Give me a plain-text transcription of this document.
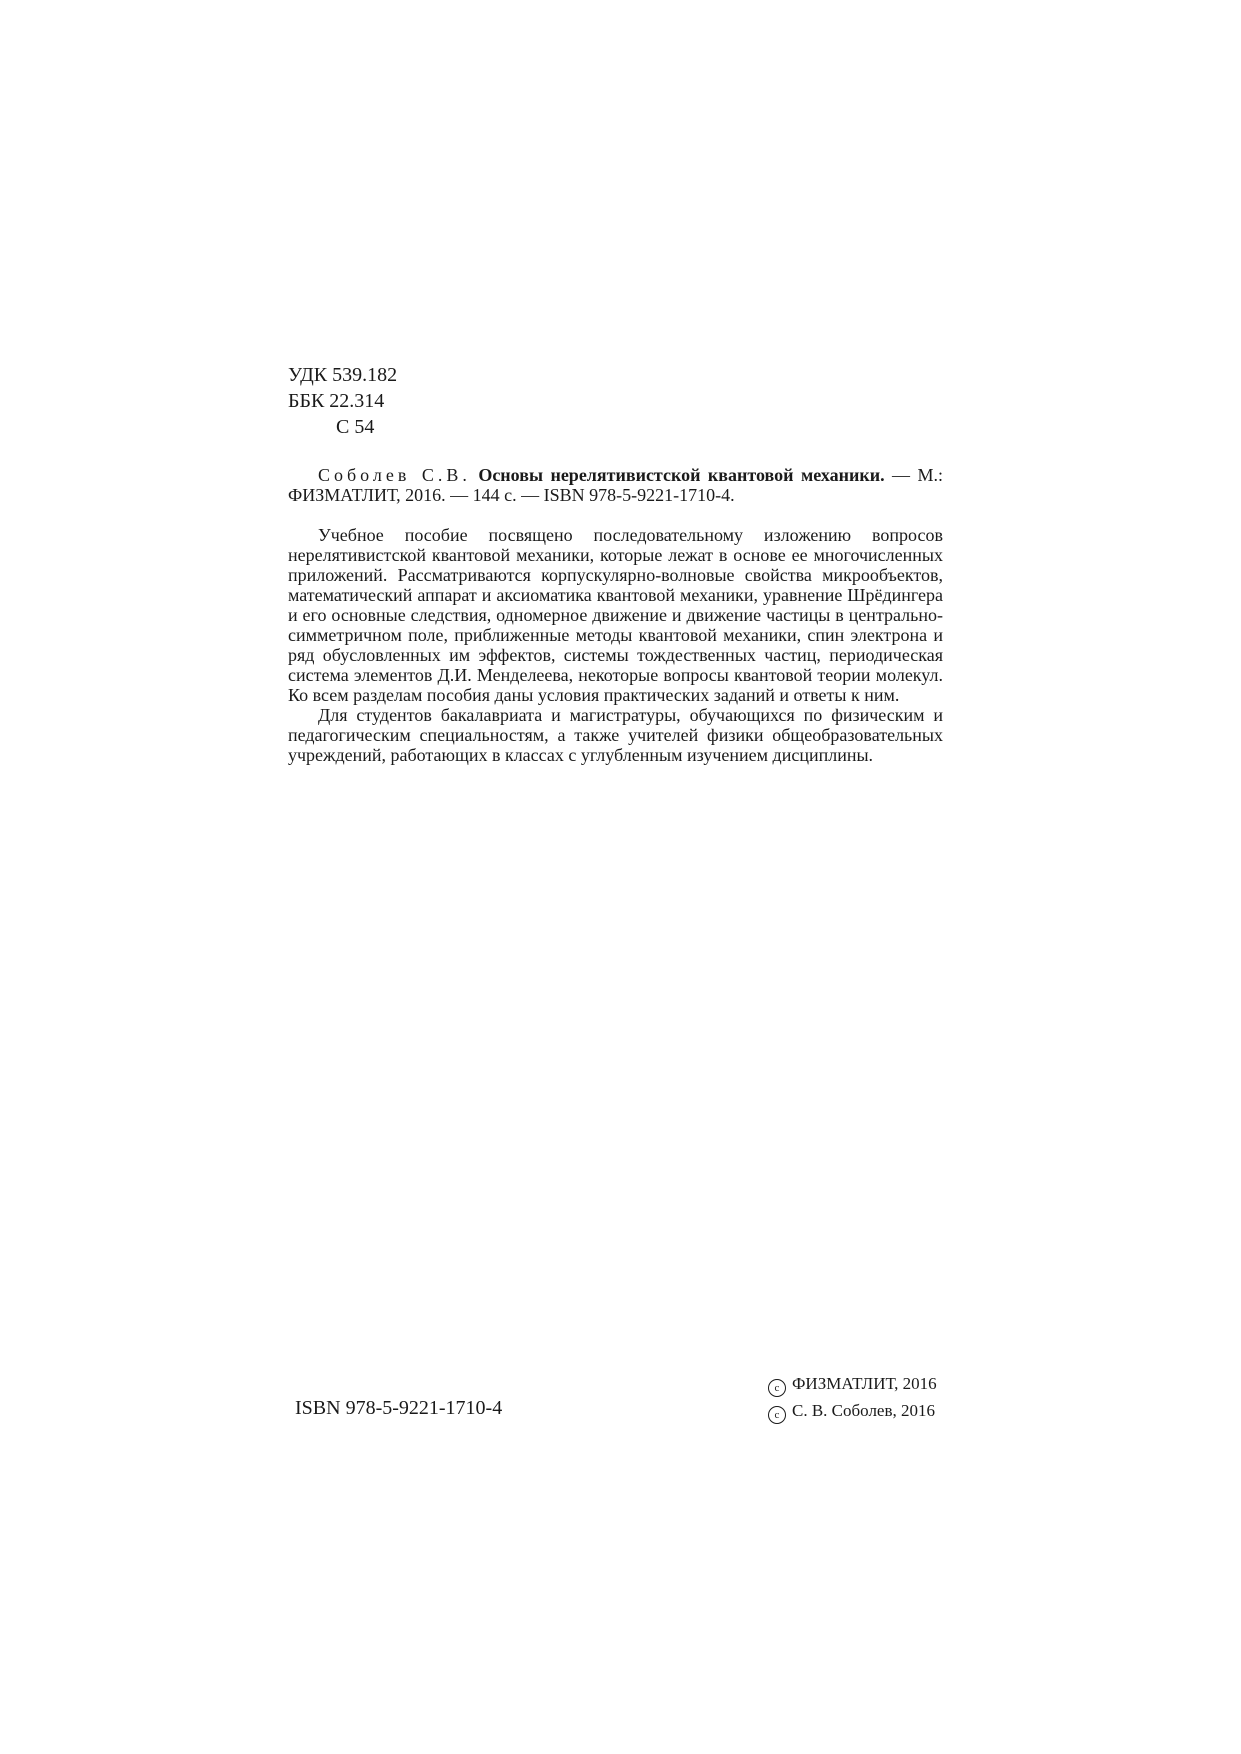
УДК 539.182
ББК 22.314
С 54

Соболев С.В. Основы нерелятивистской квантовой механики. — М.: ФИЗМАТЛИТ, 2016. — 144 с. — ISBN 978-5-9221-1710-4.

Учебное пособие посвящено последовательному изложению вопросов нерелятивистской квантовой механики, которые лежат в основе ее многочисленных приложений. Рассматриваются корпускулярно-волновые свойства микрообъектов, математический аппарат и аксиоматика квантовой механики, уравнение Шрёдингера и его основные следствия, одномерное движение и движение частицы в центрально-симметричном поле, приближенные методы квантовой механики, спин электрона и ряд обусловленных им эффектов, системы тождественных частиц, периодическая система элементов Д.И. Менделеева, некоторые вопросы квантовой теории молекул. Ко всем разделам пособия даны условия практических заданий и ответы к ним.

Для студентов бакалавриата и магистратуры, обучающихся по физическим и педагогическим специальностям, а также учителей физики общеобразовательных учреждений, работающих в классах с углубленным изучением дисциплины.

ISBN 978-5-9221-1710-4
c ФИЗМАТЛИТ, 2016
c С. В. Соболев, 2016
